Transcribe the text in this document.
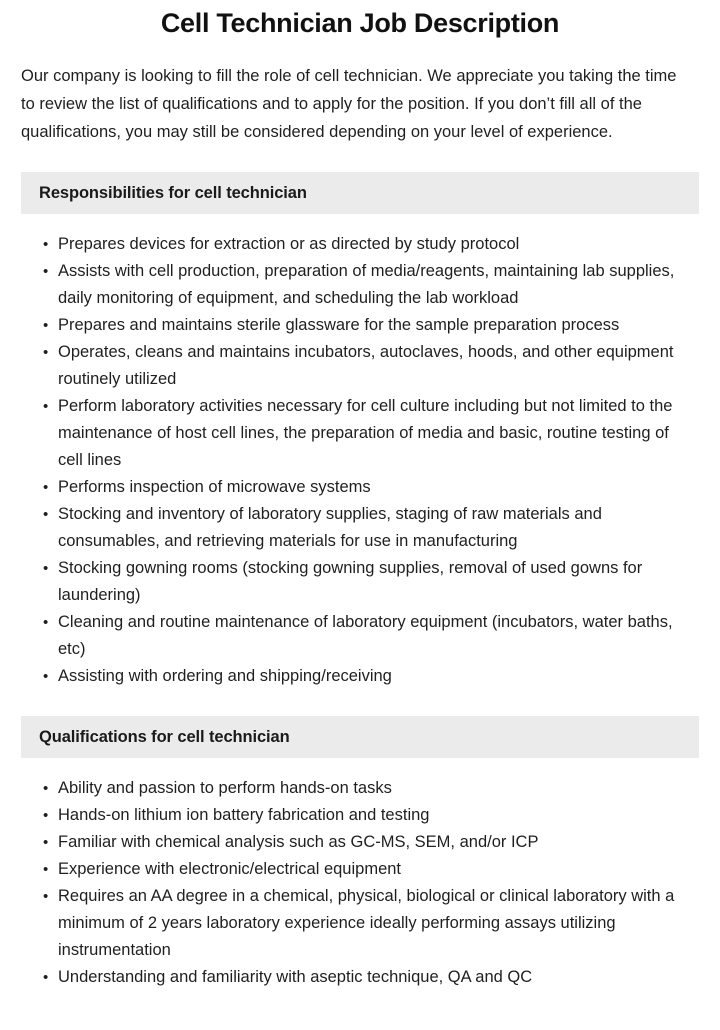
Cell Technician Job Description

Our company is looking to fill the role of cell technician. We appreciate you taking the time to review the list of qualifications and to apply for the position. If you don’t fill all of the qualifications, you may still be considered depending on your level of experience.

Responsibilities for cell technician
• Prepares devices for extraction or as directed by study protocol
• Assists with cell production, preparation of media/reagents, maintaining lab supplies, daily monitoring of equipment, and scheduling the lab workload
• Prepares and maintains sterile glassware for the sample preparation process
• Operates, cleans and maintains incubators, autoclaves, hoods, and other equipment routinely utilized
• Perform laboratory activities necessary for cell culture including but not limited to the maintenance of host cell lines, the preparation of media and basic, routine testing of cell lines
• Performs inspection of microwave systems
• Stocking and inventory of laboratory supplies, staging of raw materials and consumables, and retrieving materials for use in manufacturing
• Stocking gowning rooms (stocking gowning supplies, removal of used gowns for laundering)
• Cleaning and routine maintenance of laboratory equipment (incubators, water baths, etc)
• Assisting with ordering and shipping/receiving
Qualifications for cell technician
• Ability and passion to perform hands-on tasks
• Hands-on lithium ion battery fabrication and testing
• Familiar with chemical analysis such as GC-MS, SEM, and/or ICP
• Experience with electronic/electrical equipment
• Requires an AA degree in a chemical, physical, biological or clinical laboratory with a minimum of 2 years laboratory experience ideally performing assays utilizing instrumentation
• Understanding and familiarity with aseptic technique, QA and QC
